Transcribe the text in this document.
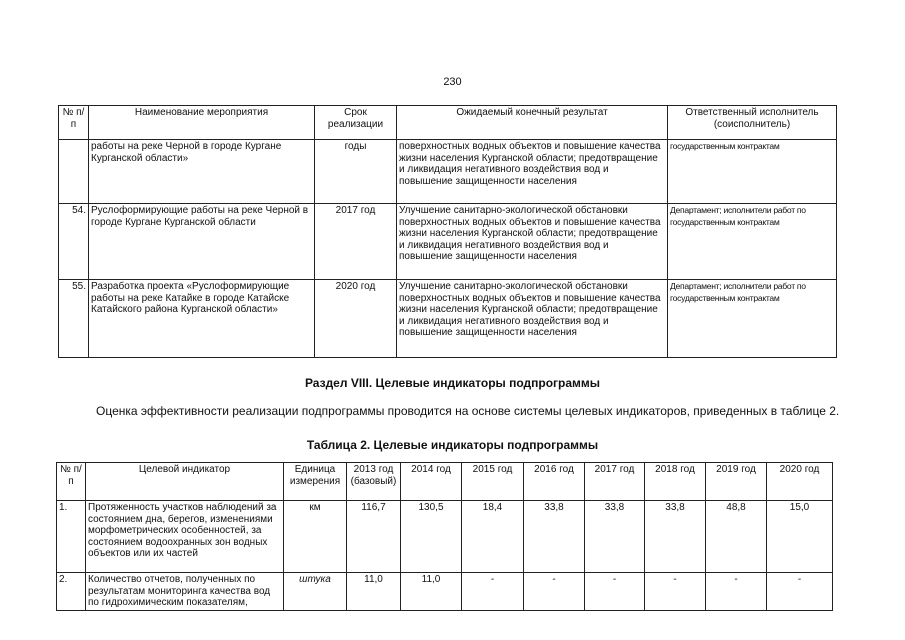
230
№ п/п	Наименование мероприятия	Срок реализации	Ожидаемый конечный результат	Ответственный исполнитель (соисполнитель)
	работы на реке Черной в городе Кургане Курганской области»	годы	поверхностных водных объектов и повышение качества жизни населения Курганской области; предотвращение и ликвидация негативного воздействия вод и повышение защищенности населения	государственным контрактам
54.	Руслоформирующие работы на реке Черной в городе Кургане Курганской области	2017 год	Улучшение санитарно-экологической обстановки поверхностных водных объектов и повышение качества жизни населения Курганской области; предотвращение и ликвидация негативного воздействия вод и повышение защищенности населения	Департамент; исполнители работ по государственным контрактам
55.	Разработка проекта «Руслоформирующие работы на реке Катайке в городе Катайске Катайского района Курганской области»	2020 год	Улучшение санитарно-экологической обстановки поверхностных водных объектов и повышение качества жизни населения Курганской области; предотвращение и ликвидация негативного воздействия вод и повышение защищенности населения	Департамент; исполнители работ по государственным контрактам
Раздел VIII. Целевые индикаторы подпрограммы
Оценка эффективности реализации подпрограммы проводится на основе системы целевых индикаторов, приведенных в таблице 2.
Таблица 2. Целевые индикаторы подпрограммы
№ п/п	Целевой индикатор	Единица измерения	2013 год (базовый)	2014 год	2015 год	2016 год	2017 год	2018 год	2019 год	2020 год
1.	Протяженность участков наблюдений за состоянием дна, берегов, изменениями морфометрических особенностей, за состоянием водоохранных зон водных объектов или их частей	км	116,7	130,5	18,4	33,8	33,8	33,8	48,8	15,0
2.	Количество отчетов, полученных по результатам мониторинга качества вод по гидрохимическим показателям,	штука	11,0	11,0	-	-	-	-	-	-
